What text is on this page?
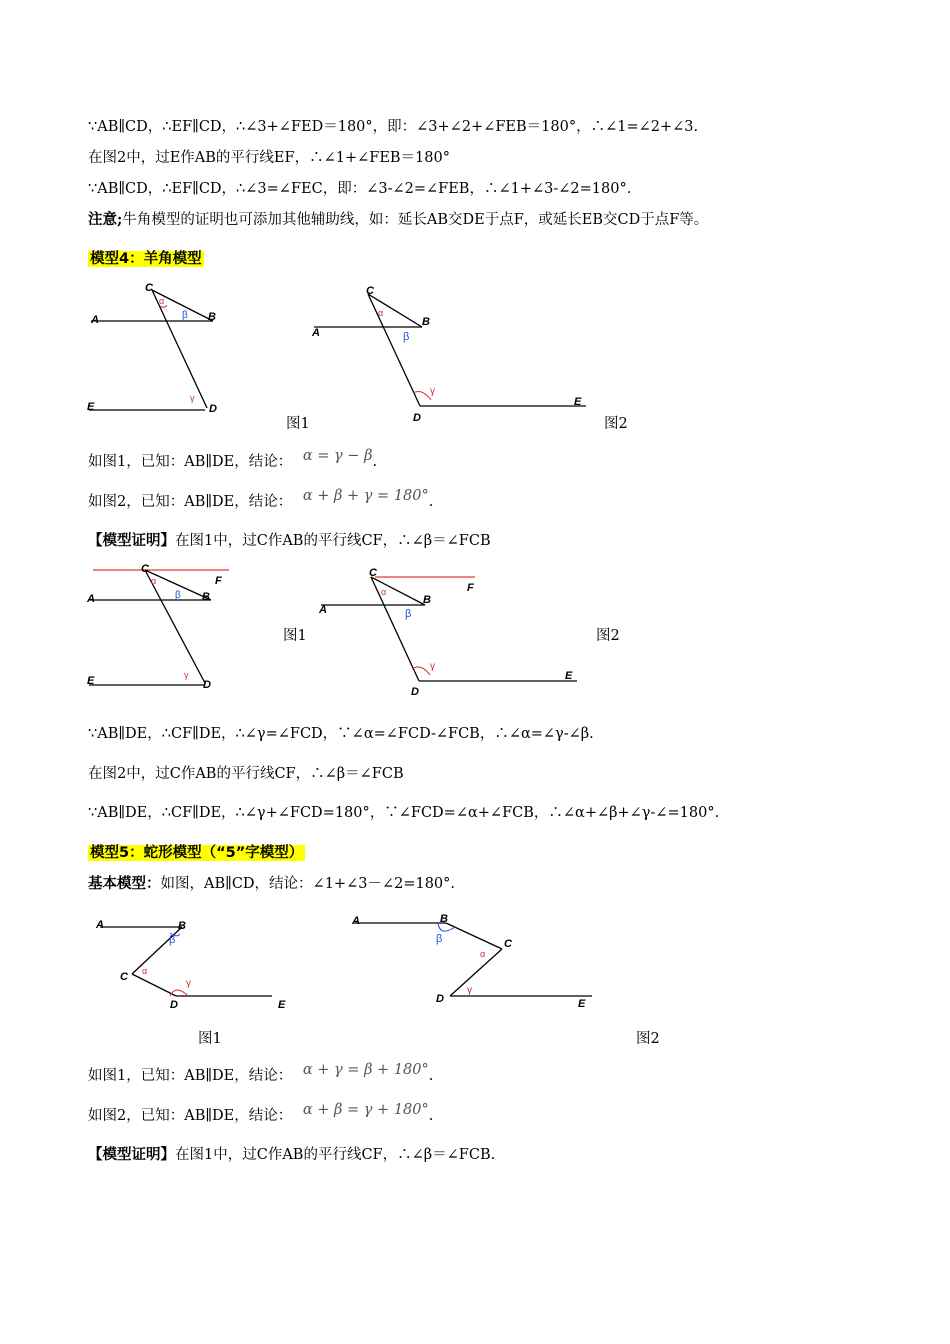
∵AB∥CD，∴EF∥CD，∴∠3+∠FED＝180°，即：∠3+∠2+∠FEB＝180°，∴∠1=∠2+∠3.
在图2中，过E作AB的平行线EF，∴∠1+∠FEB＝180°
∵AB∥CD，∴EF∥CD，∴∠3=∠FEC，即：∠3-∠2=∠FEB，∴∠1+∠3-∠2=180°.
注意;牛角模型的证明也可添加其他辅助线，如：延长AB交DE于点F，或延长EB交CD于点F等。
模型4：羊角模型
A
C
B
E	D
α
β
γ
图1
A
C
B
D
E
α
β
γ
图2
如图1，已知：AB∥DE，结论： α = γ − β.
如图2，已知：AB∥DE，结论： α + β + γ = 180°.
【模型证明】在图1中，过C作AB的平行线CF，∴∠β＝∠FCB
A
C
F
B
E	D
α
β
γ
图1
A
C
F
B
D
E
α
β
γ
图2
∵AB∥DE，∴CF∥DE，∴∠γ=∠FCD，∵∠α=∠FCD-∠FCB，∴∠α=∠γ-∠β.
在图2中，过C作AB的平行线CF，∴∠β＝∠FCB
∵AB∥DE，∴CF∥DE，∴∠γ+∠FCD=180°，∵∠FCD=∠α+∠FCB，∴∠α+∠β+∠γ-∠=180°.
模型5：蛇形模型（“5”字模型）
基本模型：如图，AB∥CD，结论：∠1+∠3－∠2=180°.
A	B
C
D	E
α
β
γ
图1
A	B
C
D	E
α
β
γ
图2
如图1，已知：AB∥DE，结论： α + γ = β + 180°.
如图2，已知：AB∥DE，结论： α + β = γ + 180°.
【模型证明】在图1中，过C作AB的平行线CF，∴∠β＝∠FCB.
